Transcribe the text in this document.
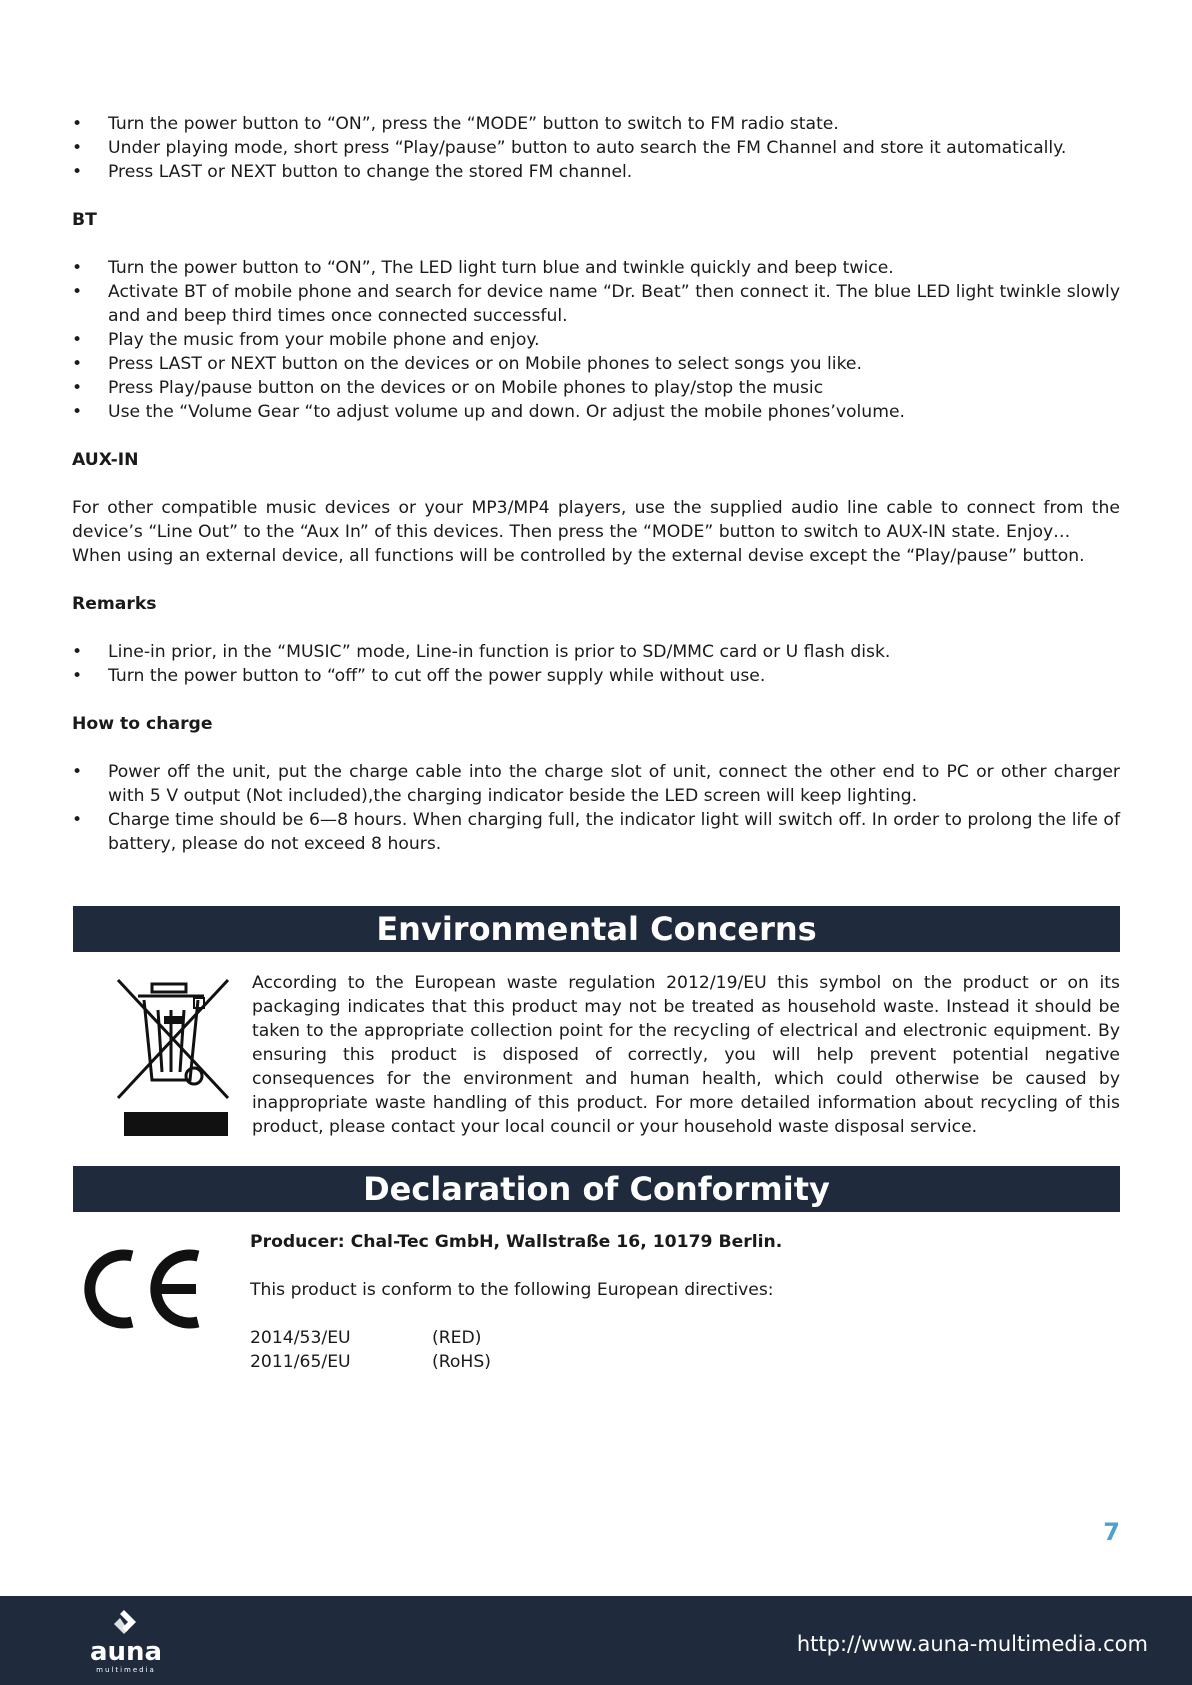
• Turn the power button to “ON”, press the “MODE” button to switch to FM radio state.
• Under playing mode, short press “Play/pause” button to auto search the FM Channel and store it automatically.
• Press LAST or NEXT button to change the stored FM channel.
BT
• Turn the power button to “ON”, The LED light turn blue and twinkle quickly and beep twice.
• Activate BT of mobile phone and search for device name “Dr. Beat” then connect it. The blue LED light twinkle slowly and and beep third times once connected successful.
• Play the music from your mobile phone and enjoy.
• Press LAST or NEXT button on the devices or on Mobile phones to select songs you like.
• Press Play/pause button on the devices or on Mobile phones to play/stop the music
• Use the “Volume Gear “to adjust volume up and down. Or adjust the mobile phones’volume.
AUX-IN

For other compatible music devices or your MP3/MP4 players, use the supplied audio line cable to connect from the device’s “Line Out” to the “Aux In” of this devices. Then press the “MODE” button to switch to AUX-IN state. Enjoy…

When using an external device, all functions will be controlled by the external devise except the “Play/pause” button.

Remarks
• Line-in prior, in the “MUSIC” mode, Line-in function is prior to SD/MMC card or U flash disk.
• Turn the power button to “off” to cut off the power supply while without use.
How to charge
• Power off the unit, put the charge cable into the charge slot of unit, connect the other end to PC or other charger with 5 V output (Not included),the charging indicator beside the LED screen will keep lighting.
• Charge time should be 6—8 hours. When charging full, the indicator light will switch off. In order to prolong the life of battery, please do not exceed 8 hours.
Environmental Concerns
According to the European waste regulation 2012/19/EU this symbol on the product or on its packaging indicates that this product may not be treated as household waste. Instead it should be taken to the appropriate collection point for the recycling of electrical and electronic equipment. By ensuring this product is disposed of correctly, you will help prevent potential negative consequences for the environment and human health, which could otherwise be caused by inappropriate waste handling of this product. For more detailed information about recycling of this product, please contact your local council or your household waste disposal service.
Declaration of Conformity

Producer: Chal-Tec GmbH, Wallstraße 16, 10179 Berlin.

This product is conform to the following European directives:

2014/53/EU	(RED)
2011/65/EU	(RoHS)
7
auna
multimedia
http://www.auna-multimedia.com
